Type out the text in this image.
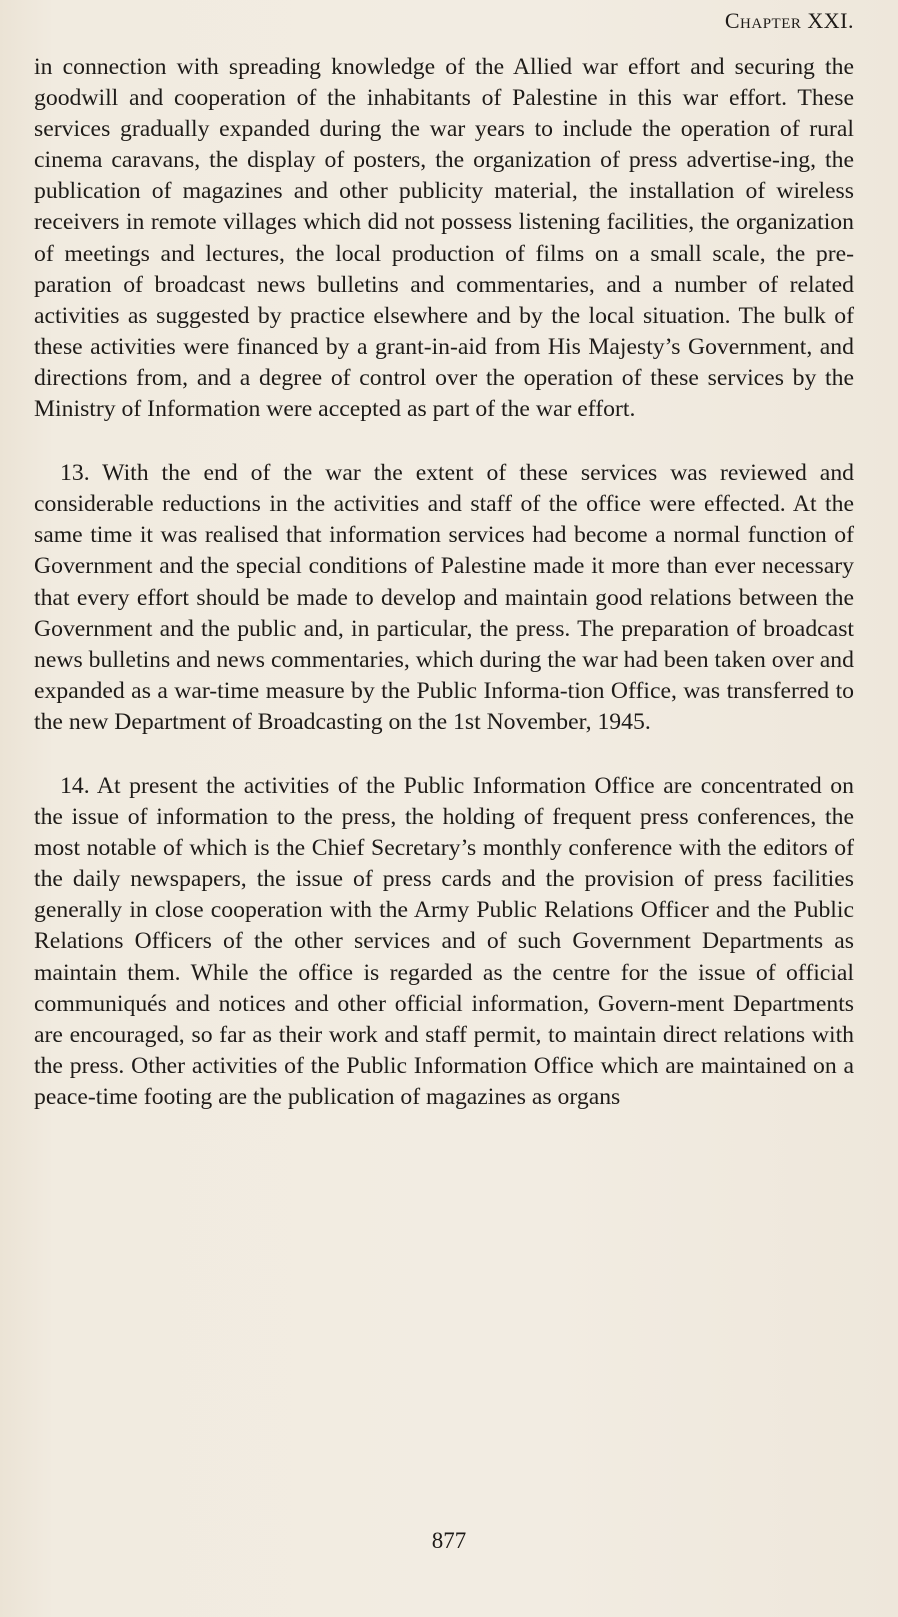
Chapter XXI.

in connection with spreading knowledge of the Allied war effort and securing the goodwill and cooperation of the inhabitants of Palestine in this war effort. These services gradually expanded during the war years to include the operation of rural cinema caravans, the display of posters, the organization of press advertise-ing, the publication of magazines and other publicity material, the installation of wireless receivers in remote villages which did not possess listening facilities, the organization of meetings and lectures, the local production of films on a small scale, the pre-paration of broadcast news bulletins and commentaries, and a number of related activities as suggested by practice elsewhere and by the local situation. The bulk of these activities were financed by a grant-in-aid from His Majesty’s Government, and directions from, and a degree of control over the operation of these services by the Ministry of Information were accepted as part of the war effort.

13. With the end of the war the extent of these services was reviewed and considerable reductions in the activities and staff of the office were effected. At the same time it was realised that information services had become a normal function of Government and the special conditions of Palestine made it more than ever necessary that every effort should be made to develop and maintain good relations between the Government and the public and, in particular, the press. The preparation of broadcast news bulletins and news commentaries, which during the war had been taken over and expanded as a war-time measure by the Public Informa-tion Office, was transferred to the new Department of Broadcasting on the 1st November, 1945.

14. At present the activities of the Public Information Office are concentrated on the issue of information to the press, the holding of frequent press conferences, the most notable of which is the Chief Secretary’s monthly conference with the editors of the daily newspapers, the issue of press cards and the provision of press facilities generally in close cooperation with the Army Public Relations Officer and the Public Relations Officers of the other services and of such Government Departments as maintain them. While the office is regarded as the centre for the issue of official communiqués and notices and other official information, Govern-ment Departments are encouraged, so far as their work and staff permit, to maintain direct relations with the press. Other activities of the Public Information Office which are maintained on a peace-time footing are the publication of magazines as organs

877
